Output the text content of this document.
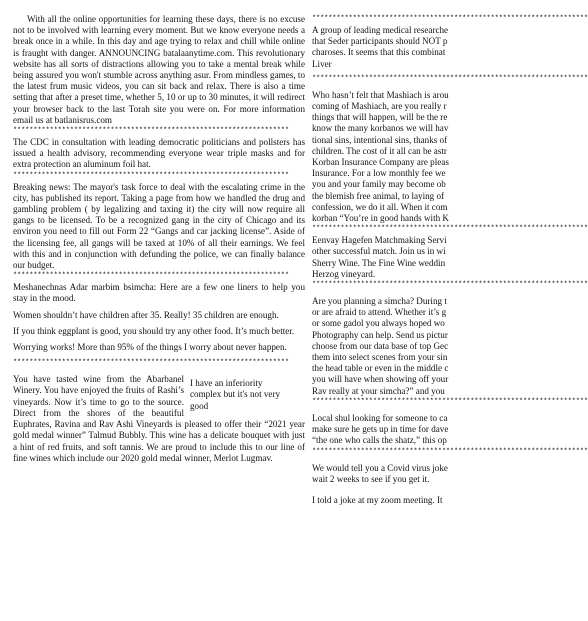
With all the online opportunities for learning these days, there is no excuse not to be involved with learning every moment. But we know everyone needs a break once in a while. In this day and age trying to relax and chill while online is fraught with danger. ANNOUNCING batalaanytime.com. This revolutionary website has all sorts of distractions allowing you to take a mental break while being assured you won't stumble across anything asur. From mindless games, to the latest frum music videos, you can sit back and relax. There is also a time setting that after a preset time, whether 5, 10 or up to 30 minutes, it will redirect your browser back to the last Torah site you were on. For more information email us at batlanisrus.com

********************************************************************

The CDC in consultation with leading democratic politicians and pollsters has issued a health advisory, recommending everyone wear triple masks and for extra protection an aluminum foil hat.

********************************************************************

Breaking news: The mayor's task force to deal with the escalating crime in the city, has published its report. Taking a page from how we handled the drug and gambling problem ( by legalizing and taxing it) the city will now require all gangs to be licensed. To be a recognized gang in the city of Chicago and its environ you need to fill out Form 22 “Gangs and car jacking license”. Aside of the licensing fee, all gangs will be taxed at 10% of all their earnings. We feel with this and in conjunction with defunding the police, we can finally balance our budget.

********************************************************************

Meshanechnas Adar marbim bsimcha: Here are a few one liners to help you stay in the mood.

Women shouldn’t have children after 35. Really! 35 children are enough.

If you think eggplant is good, you should try any other food. It’s much better.

Worrying works! More than 95% of the things I worry about never happen.

********************************************************************

I have an inferiority complex but it's not very good

You have tasted wine from the Abarbanel Winery. You have enjoyed the fruits of Rashi’s vineyards. Now it’s time to go to the source. Direct from the shores of the beautiful Euphrates, Ravina and Rav Ashi Vineyards is pleased to offer their “2021 year gold medal winner” Talmud Bubbly. This wine has a delicate bouquet with just a hint of red fruits, and soft tannis. We are proud to include this to our line of fine wines which include our 2020 gold medal winner, Merlot Lugmav.

********************************************************************

A group of leading medical researche

that Seder participants should NOT p

charoses. It seems that this combinat

Liver

********************************************************************

Who hasn’t felt that Mashiach is arou

coming of Mashiach, are you really r

things that will happen, will be the re

know the many korbanos we will hav

tional sins, intentional sins, thanks of

children. The cost of it all can be astr

Korban Insurance Company are pleas

Insurance. For a low monthly fee we

you and your family may become ob

the blemish free animal, to laying of

confession, we do it all. When it com

korban “You’re in good hands with K

********************************************************************

Eenvay Hagefen Matchmaking Servi

other successful match. Join us in wi

Sherry Wine. The Fine Wine weddin

Herzog vineyard.

********************************************************************

Are you planning a simcha? During t

or are afraid to attend. Whether it’s g

or some gadol you always hoped wo

Photography can help. Send us pictur

choose from our data base of top Gec

them into select scenes from your sin

the head table or even in the middle c

you will have when showing off your

Rav really at your simcha?” and you

********************************************************************

Local shul looking for someone to ca

make sure he gets up in time for dave

“the one who calls the shatz,” this op

********************************************************************

We would tell you a Covid virus joke

wait 2 weeks to see if you get it.

I told a joke at my zoom meeting. It
